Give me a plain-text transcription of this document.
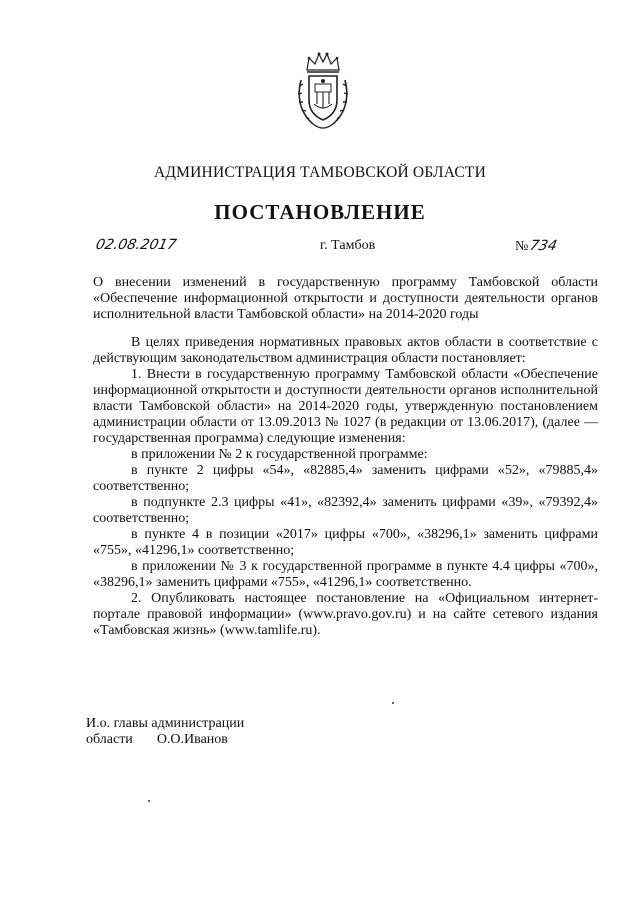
АДМИНИСТРАЦИЯ ТАМБОВСКОЙ ОБЛАСТИ
ПОСТАНОВЛЕНИЕ
02.08.2017	г. Тамбов	№734
О внесении изменений в государственную программу Тамбовской области «Обеспечение информационной открытости и доступности деятельности органов исполнительной власти Тамбовской области» на 2014-2020 годы

В целях приведения нормативных правовых актов области в соответствие с действующим законодательством администрация области постановляет:

1. Внести в государственную программу Тамбовской области «Обеспечение информационной открытости и доступности деятельности органов исполнительной власти Тамбовской области» на 2014-2020 годы, утвержденную постановлением администрации области от 13.09.2013 № 1027 (в редакции от 13.06.2017), (далее — государственная программа) следующие изменения:

в приложении № 2 к государственной программе:

в пункте 2 цифры «54», «82885,4» заменить цифрами «52», «79885,4» соответственно;

в подпункте 2.3 цифры «41», «82392,4» заменить цифрами «39», «79392,4» соответственно;

в пункте 4 в позиции «2017» цифры «700», «38296,1» заменить цифрами «755», «41296,1» соответственно;

в приложении № 3 к государственной программе в пункте 4.4 цифры «700», «38296,1» заменить цифрами «755», «41296,1» соответственно.

2. Опубликовать настоящее постановление на «Официальном интернет-портале правовой информации» (www.pravo.gov.ru) и на сайте сетевого издания «Тамбовская жизнь» (www.tamlife.ru).

И.о. главы администрации
области О.О.Иванов
